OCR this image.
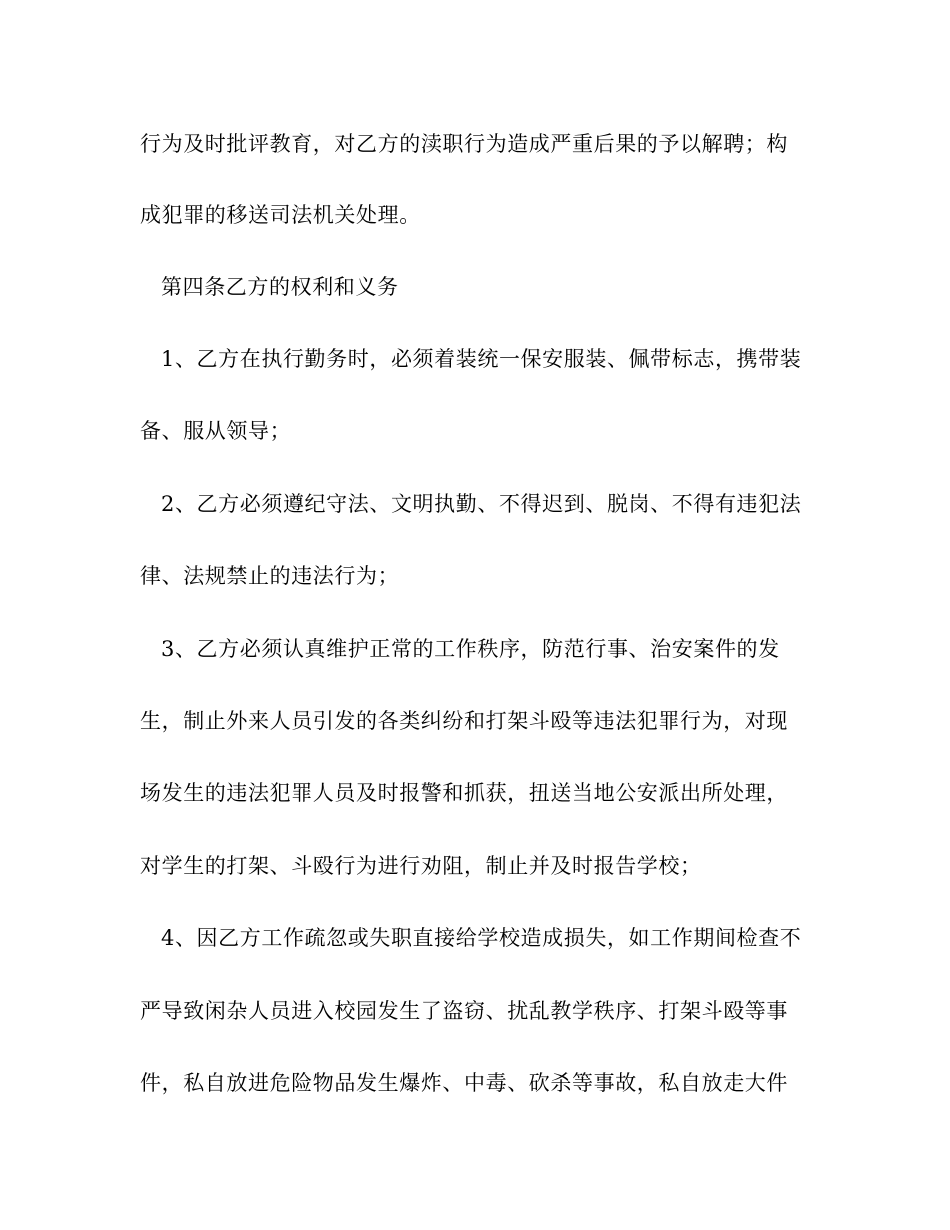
行为及时批评教育，对乙方的渎职行为造成严重后果的予以解聘；构
成犯罪的移送司法机关处理。
第四条乙方的权利和义务
1、乙方在执行勤务时，必须着装统一保安服装、佩带标志，携带装
备、服从领导；
2、乙方必须遵纪守法、文明执勤、不得迟到、脱岗、不得有违犯法
律、法规禁止的违法行为；
3、乙方必须认真维护正常的工作秩序，防范行事、治安案件的发
生，制止外来人员引发的各类纠纷和打架斗殴等违法犯罪行为，对现
场发生的违法犯罪人员及时报警和抓获，扭送当地公安派出所处理，
对学生的打架、斗殴行为进行劝阻，制止并及时报告学校；
4、因乙方工作疏忽或失职直接给学校造成损失，如工作期间检查不
严导致闲杂人员进入校园发生了盗窃、扰乱教学秩序、打架斗殴等事
件，私自放进危险物品发生爆炸、中毒、砍杀等事故，私自放走大件
